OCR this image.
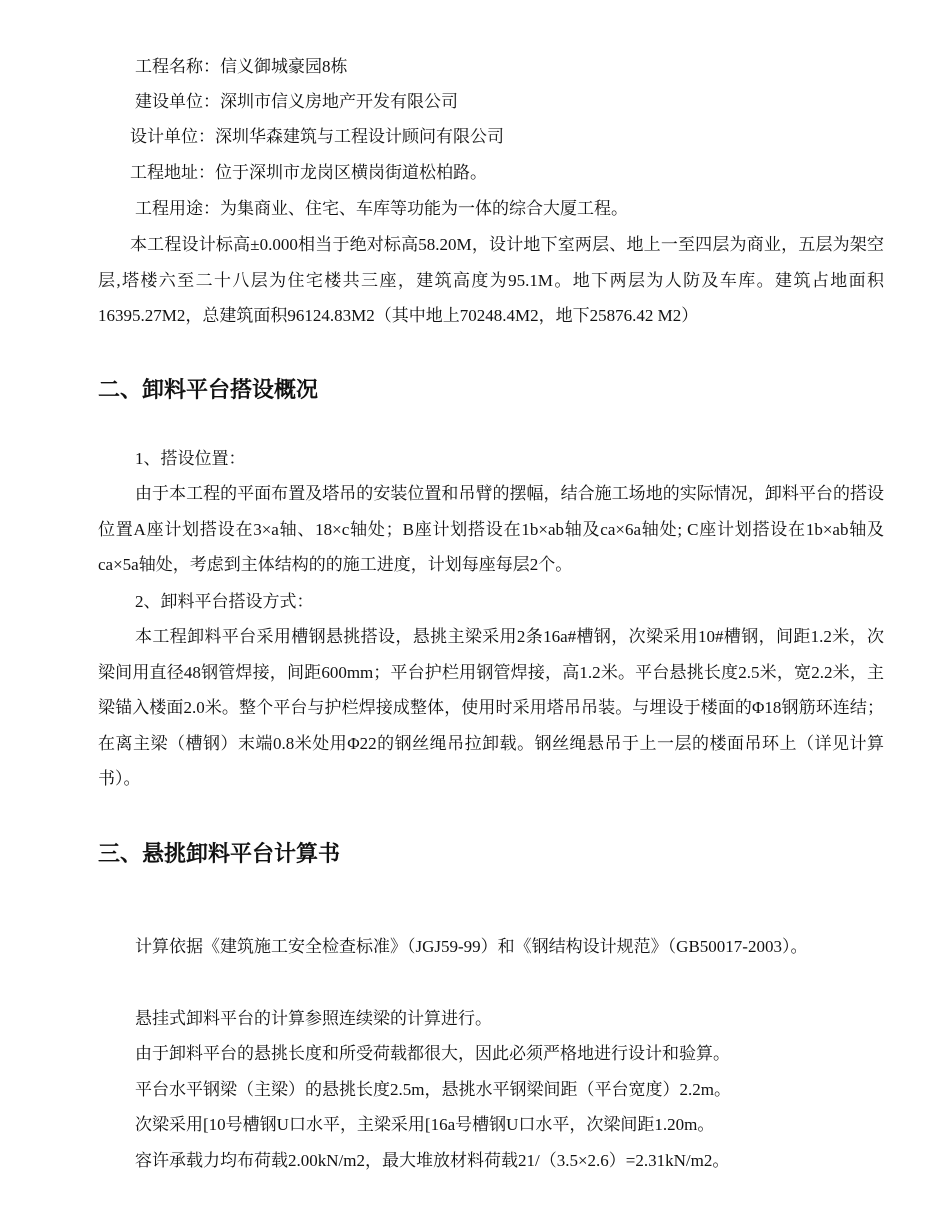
工程名称：信义御城豪园8栋
建设单位：深圳市信义房地产开发有限公司
设计单位：深圳华森建筑与工程设计顾问有限公司
工程地址：位于深圳市龙岗区横岗街道松柏路。
工程用途：为集商业、住宅、车库等功能为一体的综合大厦工程。

本工程设计标高±0.000相当于绝对标高58.20M，设计地下室两层、地上一至四层为商业，五层为架空层,塔楼六至二十八层为住宅楼共三座，建筑高度为95.1M。地下两层为人防及车库。建筑占地面积16395.27M2，总建筑面积96124.83M2（其中地上70248.4M2，地下25876.42 M2）

二、卸料平台搭设概况
1、搭设位置：

由于本工程的平面布置及塔吊的安装位置和吊臂的摆幅，结合施工场地的实际情况，卸料平台的搭设位置A座计划搭设在3×a轴、18×c轴处；B座计划搭设在1b×ab轴及ca×6a轴处; C座计划搭设在1b×ab轴及ca×5a轴处，考虑到主体结构的的施工进度，计划每座每层2个。

2、卸料平台搭设方式：

本工程卸料平台采用槽钢悬挑搭设，悬挑主梁采用2条16a#槽钢，次梁采用10#槽钢，间距1.2米，次梁间用直径48钢管焊接，间距600mm；平台护栏用钢管焊接，高1.2米。平台悬挑长度2.5米，宽2.2米，主梁锚入楼面2.0米。整个平台与护栏焊接成整体，使用时采用塔吊吊装。与埋设于楼面的Φ18钢筋环连结；在离主梁（槽钢）末端0.8米处用Φ22的钢丝绳吊拉卸载。钢丝绳悬吊于上一层的楼面吊环上（详见计算书）。

三、悬挑卸料平台计算书

计算依据《建筑施工安全检查标准》（JGJ59-99）和《钢结构设计规范》（GB50017-2003）。

悬挂式卸料平台的计算参照连续梁的计算进行。
由于卸料平台的悬挑长度和所受荷载都很大，因此必须严格地进行设计和验算。
平台水平钢梁（主梁）的悬挑长度2.5m，悬挑水平钢梁间距（平台宽度）2.2m。
次梁采用[10号槽钢U口水平，主梁采用[16a号槽钢U口水平，次梁间距1.20m。
容许承载力均布荷载2.00kN/m2，最大堆放材料荷载21/（3.5×2.6）=2.31kN/m2。
